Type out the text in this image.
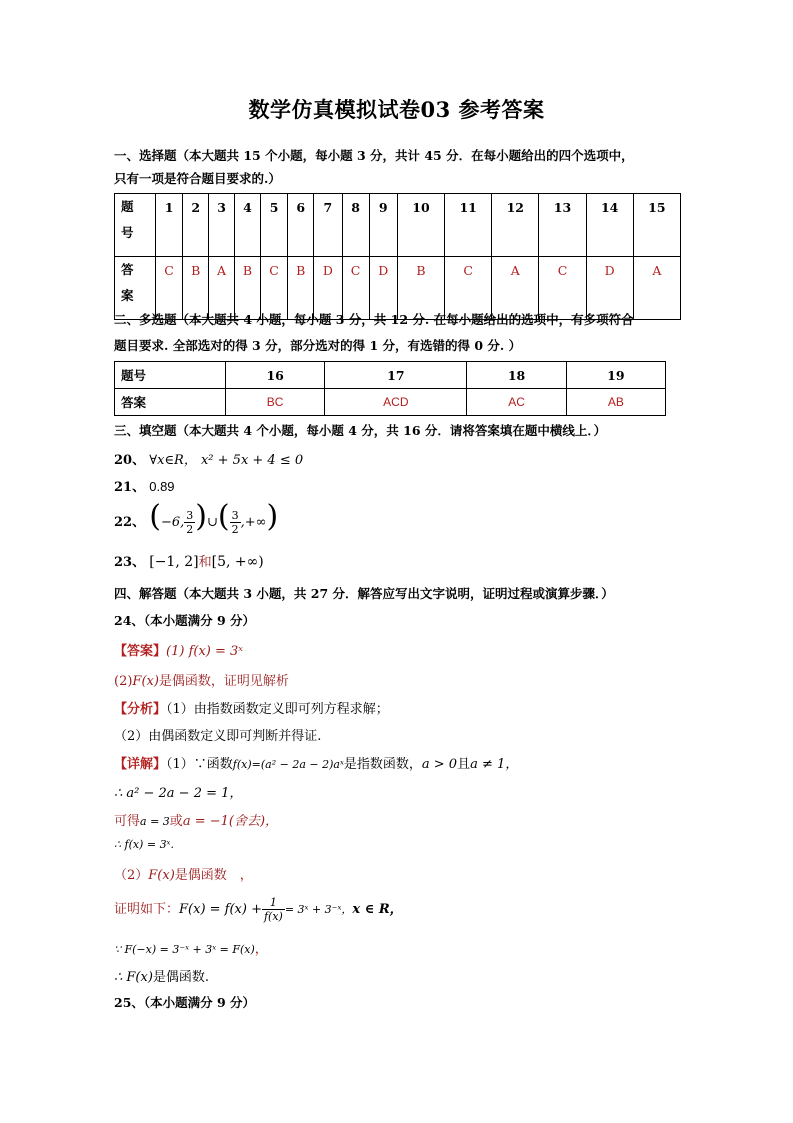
数学仿真模拟试卷03 参考答案
一、选择题（本大题共 15 个小题，每小题 3 分，共计 45 分．在每小题给出的四个选项中，
只有一项是符合题目要求的.）
题
号	1	2	3	4	5	6	7	8	9	10	11	12	13	14	15
答
案	C	B	A	B	C	B	D	C	D	B	C	A	C	D	A
二、多选题（本大题共 4 小题，每小题 3 分，共 12 分. 在每小题给出的选项中，有多项符合
题目要求. 全部选对的得 3 分，部分选对的得 1 分，有选错的得 0 分. ）
题号	16	17	18	19
答案	BC	ACD	AC	AB
三、填空题（本大题共 4 个小题，每小题 4 分，共 16 分．请将答案填在题中横线上．）
20、 ∀x∈R， x² + 5x + 4 ≤ 0
21、 0.89
22、 (−6, $\frac{3}{2}$ )∪( $\frac{3}{2}$ ,+∞)
23、 [−1, 2]和[5, +∞)
四、解答题（本大题共 3 小题，共 27 分．解答应写出文字说明，证明过程或演算步骤．）
24、（本小题满分 9 分）
【答案】(1) f(x) = 3ˣ
(2)F(x)是偶函数，证明见解析
【分析】（1）由指数函数定义即可列方程求解；
（2）由偶函数定义即可判断并得证.
【详解】（1）∵函数f(x)=(a² − 2a − 2)aˣ是指数函数，a > 0且a ≠ 1，
∴ a² − 2a − 2 = 1，
可得a = 3或a = −1(舍去)，
∴ f(x) = 3ˣ.
（2）F(x)是偶函数　，
证明如下：$F(x) = f(x) + \frac{1}{f(x)}$ = 3ˣ + 3⁻ˣ，x ∈ R，
∵ F(−x) = 3⁻ˣ + 3ˣ = F(x)，
∴ F(x)是偶函数.
25、（本小题满分 9 分）
